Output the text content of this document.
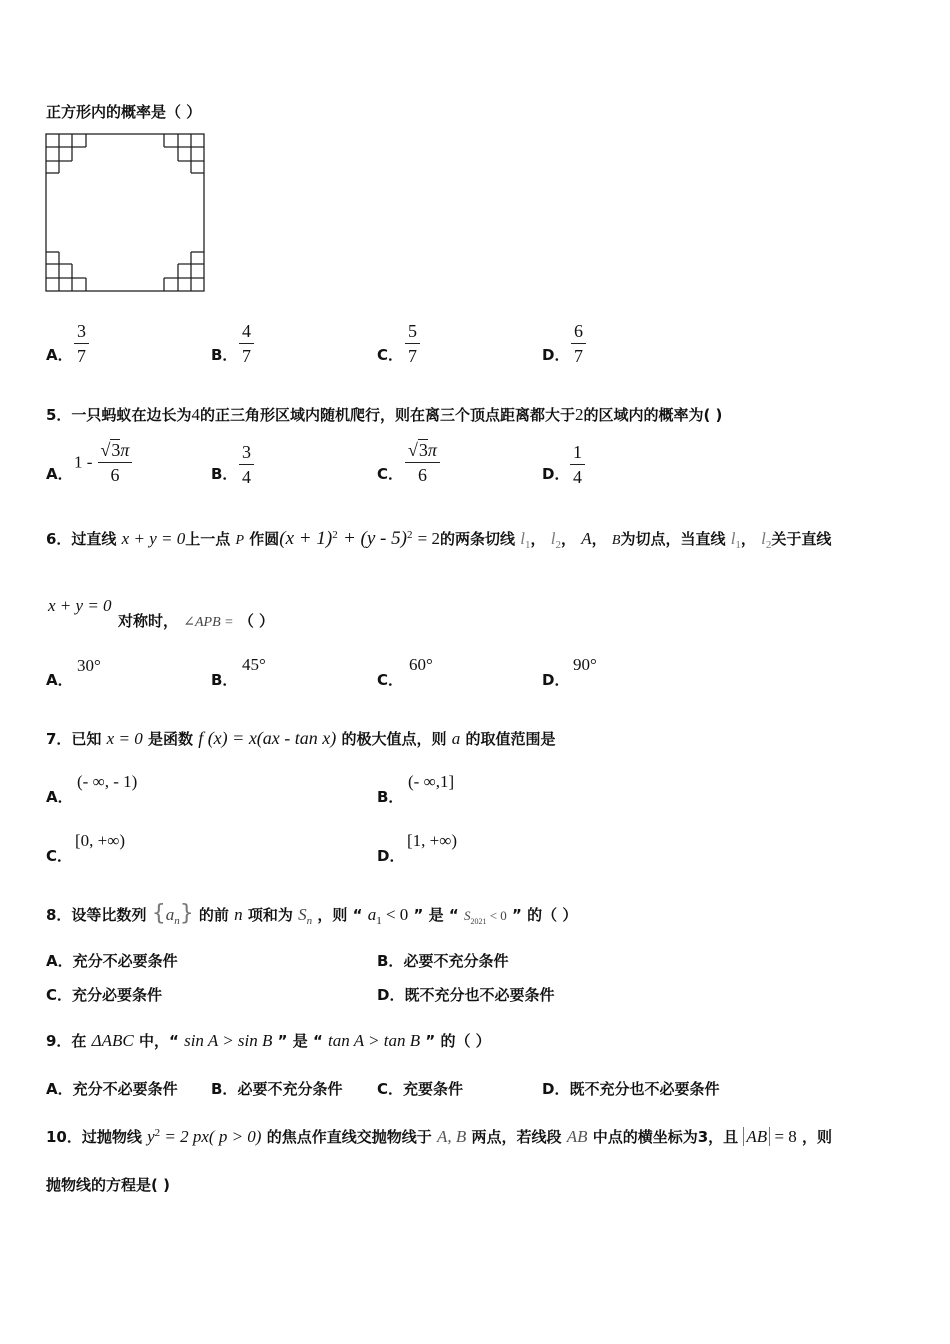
正方形内的概率是（ ）
A． $\frac{3}{7}$	B． $\frac{4}{7}$	C． $\frac{5}{7}$	D． $\frac{6}{7}$
5．一只蚂蚁在边长为4的正三角形区域内随机爬行，则在离三个顶点距离都大于2的区域内的概率为( )
A．
$1 - \frac{√3\pi}{6}$	B． $\frac{3}{4}$	C． $\frac{√3\pi}{6}$	D． $\frac{1}{4}$
6．过直线 x + y = 0上一点 P 作圆$(x + 1)^2 + (y - 5)^2 = 2$的两条切线 $l_1$， $l_2$， A， B为切点，当直线 $l_1$， $l_2$关于直线
x + y = 0
对称时， ∠APB = （ ）
A．
30°
B．
45°
C．
60°
D．
90°
7．已知 x = 0 是函数 f (x) = x(ax - tan x) 的极大值点，则 a 的取值范围是
A．
(- ∞, - 1)
B．
(- ∞,1]
C．
[0, +∞)
D．
[1, +∞)
8．设等比数列 $\{a_n\}$ 的前 n 项和为 $S_n$ ，则 “ $a_1 < 0$ ” 是 “ $S_{2021} < 0$ ” 的（ ）
A．充分不必要条件	B．必要不充分条件
C．充分必要条件	D．既不充分也不必要条件
9．在 ΔABC 中，“ sin A > sin B ” 是 “ tan A > tan B ” 的（ ）
A．充分不必要条件 B．必要不充分条件 C．充要条件	D．既不充分也不必要条件
10．过抛物线 $y^2 = 2$ px( p > 0) 的焦点作直线交抛物线于 A, B 两点，若线段 AB 中点的横坐标为3，且 AB = 8 ，则
抛物线的方程是( )
